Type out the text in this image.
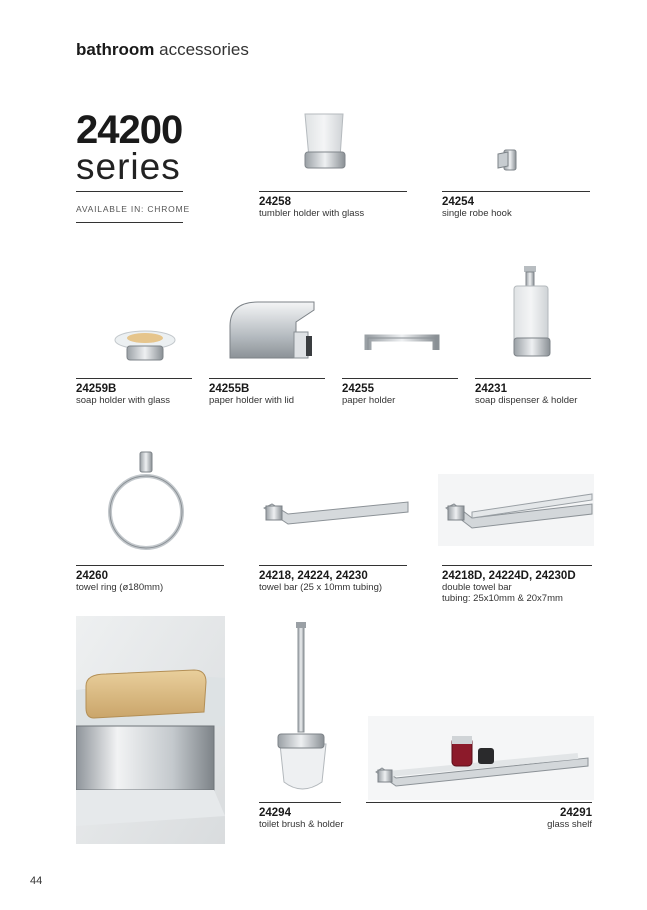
bathroom accessories
24200
series
AVAILABLE IN: CHROME
24258
tumbler holder with glass
24254
single robe hook
24259B
soap holder with glass
24255B
paper holder with lid
24255
paper holder
24231
soap dispenser & holder
24260
towel ring (ø180mm)
24218, 24224, 24230
towel bar (25 x 10mm tubing)
24218D, 24224D, 24230D
double towel bar
tubing: 25x10mm & 20x7mm
24294
toilet brush & holder
24291
glass shelf
44
